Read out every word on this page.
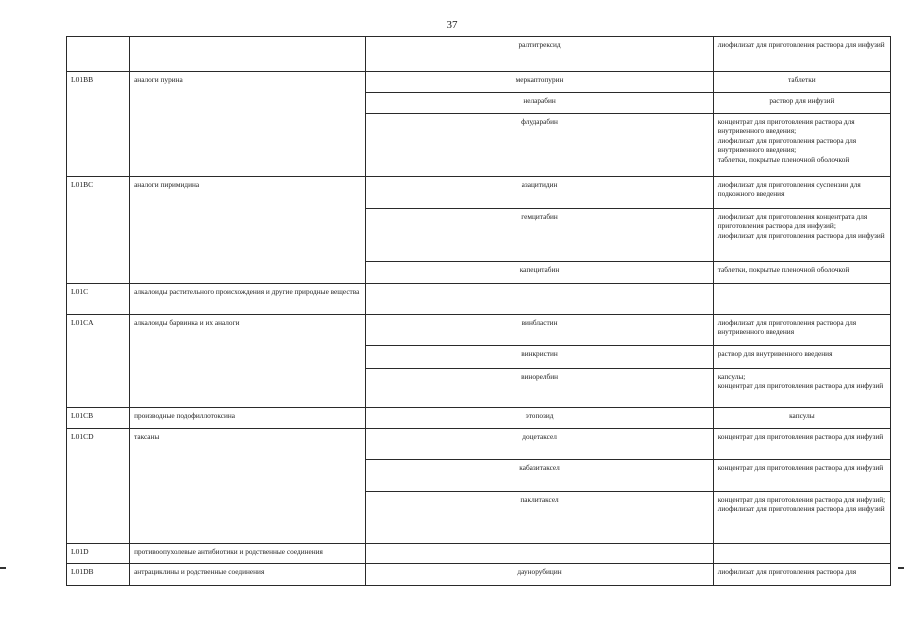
37
		ралтитрексид	лиофилизат для приготовления раствора для инфузий

L01BB	аналоги пурина	меркаптопурин	таблетки

		неларабин	раствор для инфузий

		флударабин	концентрат для приготовления раствора для внутривенного введения;
лиофилизат для приготовления раствора для внутривенного введения;
таблетки, покрытые пленочной оболочкой

L01BC	аналоги пиримидина	азацитидин	лиофилизат для приготовления суспензии для подкожного введения

		гемцитабин	лиофилизат для приготовления концентрата для приготовления раствора для инфузий;
лиофилизат для приготовления раствора для инфузий

		капецитабин	таблетки, покрытые пленочной оболочкой

L01C	алкалоиды растительного происхождения и другие природные вещества		
L01CA	алкалоиды барвинка и их аналоги	винбластин	лиофилизат для приготовления раствора для внутривенного введения

		винкристин	раствор для внутривенного введения

		винорелбин	капсулы;
концентрат для приготовления раствора для инфузий

L01CB	производные подофиллотоксина	этопозид	капсулы

L01CD	таксаны	доцетаксел	концентрат для приготовления раствора для инфузий

		кабазитаксел	концентрат для приготовления раствора для инфузий

		паклитаксел	концентрат для приготовления раствора для инфузий;
лиофилизат для приготовления раствора для инфузий

L01D	противоопухолевые антибиотики и родственные соединения		
L01DB	антрациклины и родственные соединения	даунорубицин	лиофилизат для приготовления раствора для
